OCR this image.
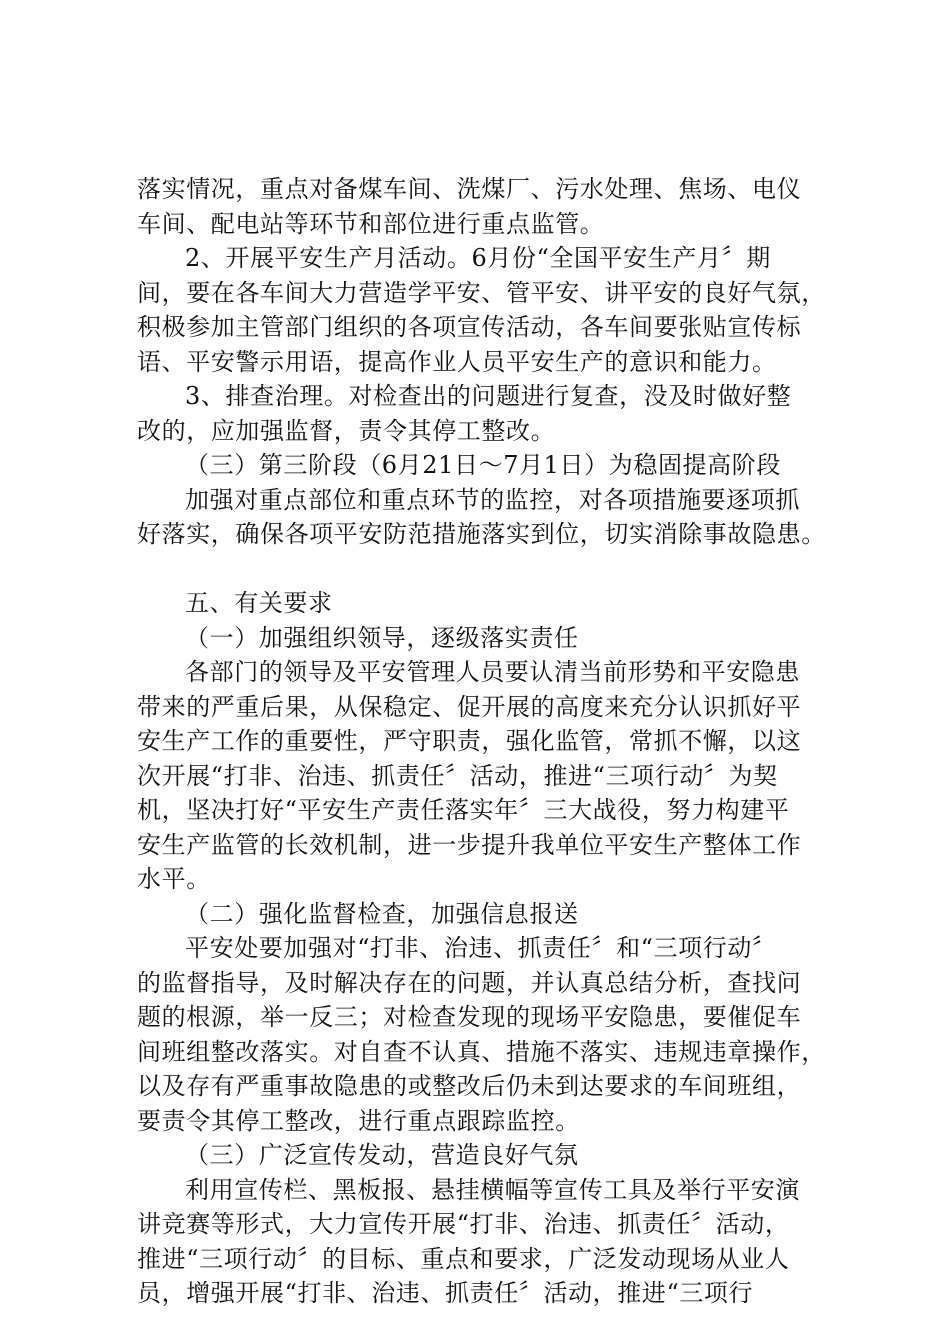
落实情况，重点对备煤车间、洗煤厂、污水处理、焦场、电仪
车间、配电站等环节和部位进行重点监管。
2、开展平安生产月活动。6月份“全国平安生产月〞期
间，要在各车间大力营造学平安、管平安、讲平安的良好气氛，
积极参加主管部门组织的各项宣传活动，各车间要张贴宣传标
语、平安警示用语，提高作业人员平安生产的意识和能力。
3、排查治理。对检查出的问题进行复查，没及时做好整
改的，应加强监督，责令其停工整改。
（三）第三阶段（6月21日～7月1日）为稳固提高阶段
加强对重点部位和重点环节的监控，对各项措施要逐项抓
好落实，确保各项平安防范措施落实到位，切实消除事故隐患。
五、有关要求
（一）加强组织领导，逐级落实责任
各部门的领导及平安管理人员要认清当前形势和平安隐患
带来的严重后果，从保稳定、促开展的高度来充分认识抓好平
安生产工作的重要性，严守职责，强化监管，常抓不懈，以这
次开展“打非、治违、抓责任〞活动，推进“三项行动〞为契
机，坚决打好“平安生产责任落实年〞三大战役，努力构建平
安生产监管的长效机制，进一步提升我单位平安生产整体工作
水平。
（二）强化监督检查，加强信息报送
平安处要加强对“打非、治违、抓责任〞和“三项行动〞
的监督指导，及时解决存在的问题，并认真总结分析，查找问
题的根源，举一反三；对检查发现的现场平安隐患，要催促车
间班组整改落实。对自查不认真、措施不落实、违规违章操作，
以及存有严重事故隐患的或整改后仍未到达要求的车间班组，
要责令其停工整改，进行重点跟踪监控。
（三）广泛宣传发动，营造良好气氛
利用宣传栏、黑板报、悬挂横幅等宣传工具及举行平安演
讲竞赛等形式，大力宣传开展“打非、治违、抓责任〞活动，
推进“三项行动〞的目标、重点和要求，广泛发动现场从业人
员，增强开展“打非、治违、抓责任〞活动，推进“三项行
